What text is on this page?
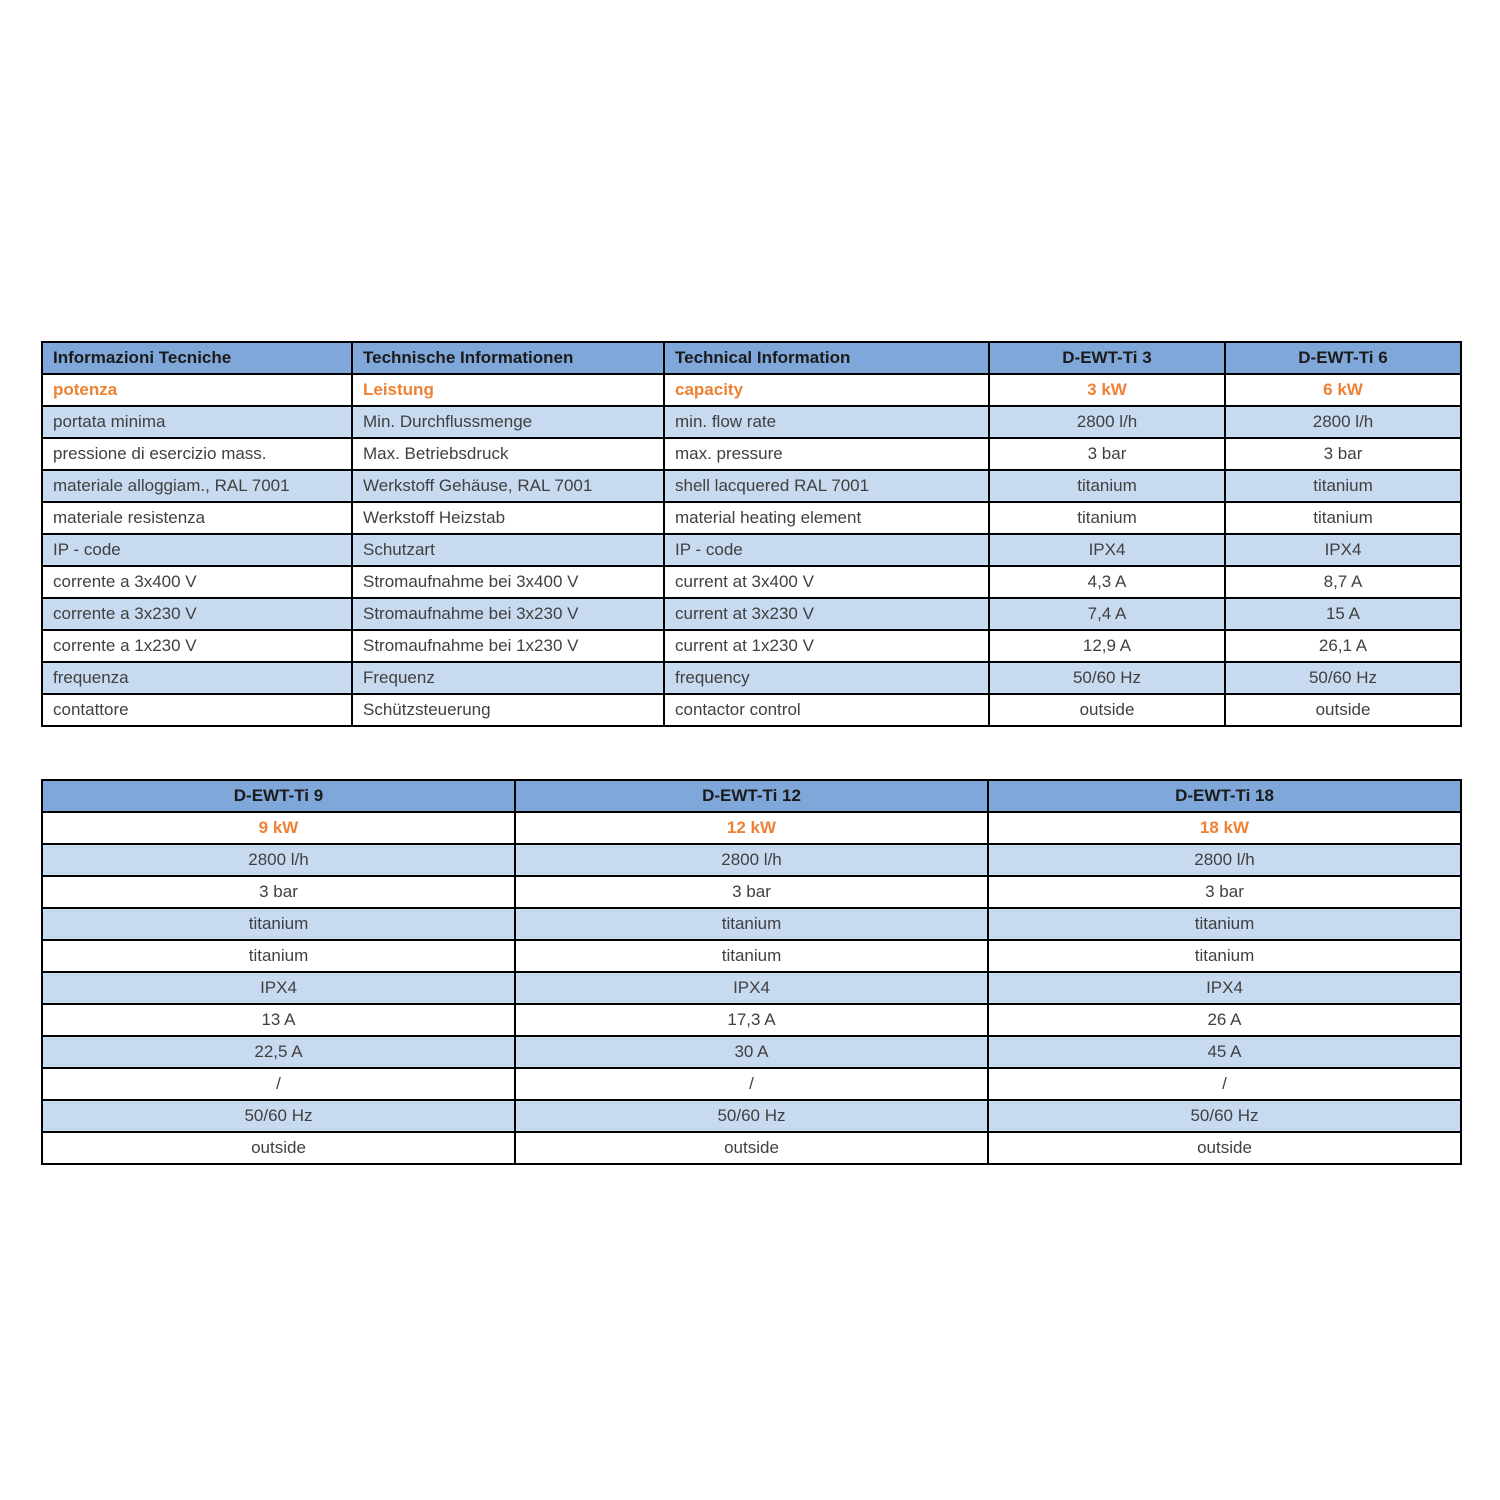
Informazioni Tecniche	Technische Informationen	Technical Information	D-EWT-Ti 3	D-EWT-Ti 6
potenza	Leistung	capacity	3 kW	6 kW
portata minima	Min. Durchflussmenge	min. flow rate	2800 l/h	2800 l/h
pressione di esercizio mass.	Max. Betriebsdruck	max. pressure	3 bar	3 bar
materiale alloggiam., RAL 7001	Werkstoff Gehäuse, RAL 7001	shell lacquered RAL 7001	titanium	titanium
materiale resistenza	Werkstoff Heizstab	material heating element	titanium	titanium
IP - code	Schutzart	IP - code	IPX4	IPX4
corrente a 3x400 V	Stromaufnahme bei 3x400 V	current at 3x400 V	4,3 A	8,7 A
corrente a 3x230 V	Stromaufnahme bei 3x230 V	current at 3x230 V	7,4 A	15 A
corrente a 1x230 V	Stromaufnahme bei 1x230 V	current at 1x230 V	12,9 A	26,1 A
frequenza	Frequenz	frequency	50/60 Hz	50/60 Hz
contattore	Schützsteuerung	contactor control	outside	outside
D-EWT-Ti 9	D-EWT-Ti 12	D-EWT-Ti 18
9 kW	12 kW	18 kW
2800 l/h	2800 l/h	2800 l/h
3 bar	3 bar	3 bar
titanium	titanium	titanium
titanium	titanium	titanium
IPX4	IPX4	IPX4
13 A	17,3 A	26 A
22,5 A	30 A	45 A
/	/	/
50/60 Hz	50/60 Hz	50/60 Hz
outside	outside	outside
